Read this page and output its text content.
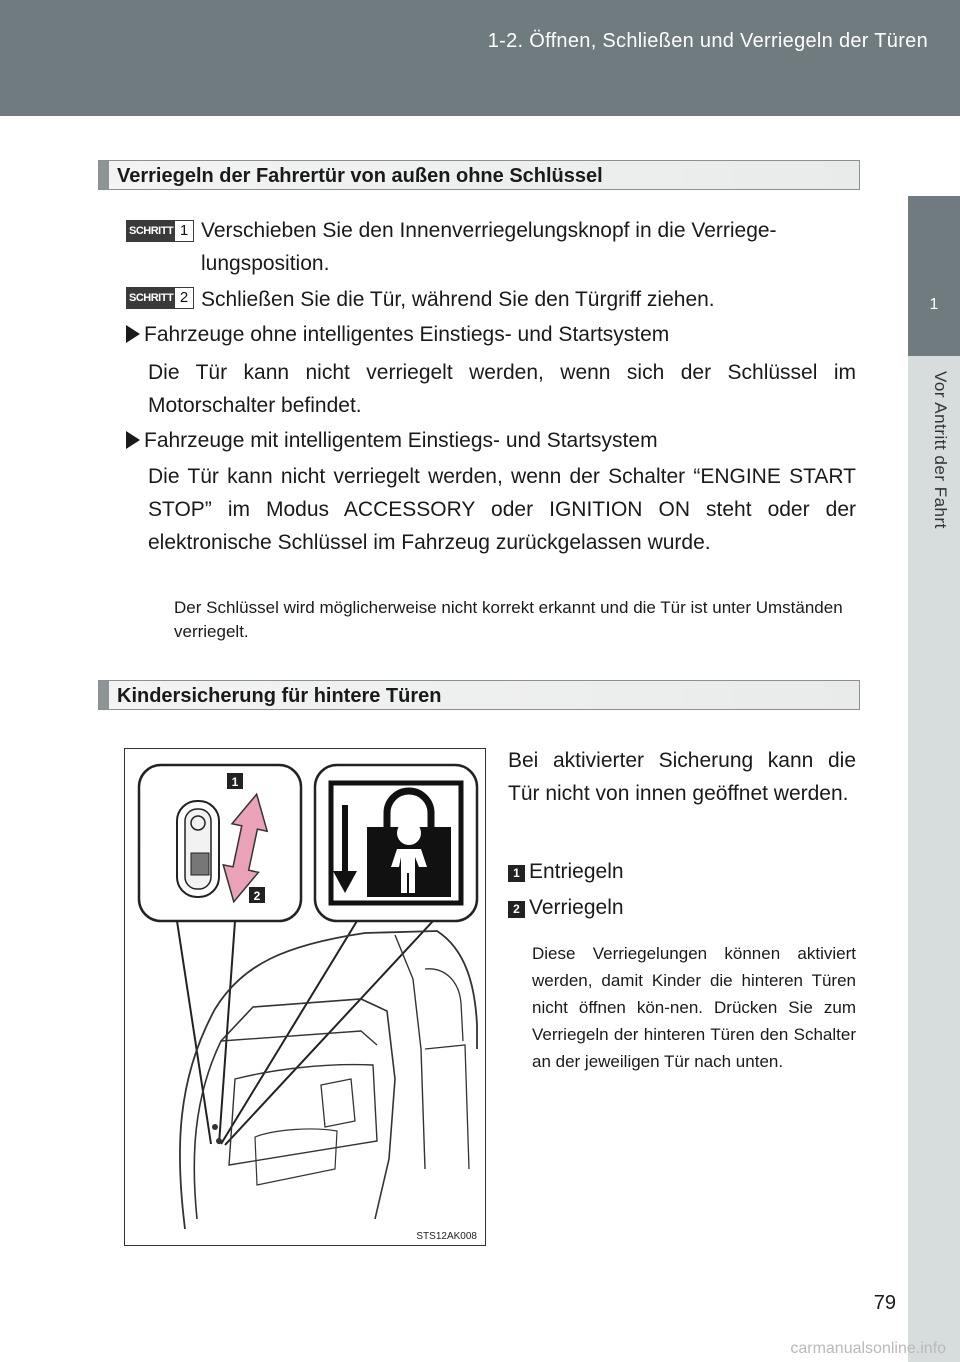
1-2. Öffnen, Schließen und Verriegeln der Türen
1
Vor Antritt der Fahrt
Verriegeln der Fahrertür von außen ohne Schlüssel
SCHRITT 1 Verschieben Sie den Innenverriegelungsknopf in die Verriege-
lungsposition.
SCHRITT 2 Schließen Sie die Tür, während Sie den Türgriff ziehen.
Fahrzeuge ohne intelligentes Einstiegs- und Startsystem
Die Tür kann nicht verriegelt werden, wenn sich der Schlüssel im Motorschalter befindet.
Fahrzeuge mit intelligentem Einstiegs- und Startsystem
Die Tür kann nicht verriegelt werden, wenn der Schalter “ENGINE START STOP” im Modus ACCESSORY oder IGNITION ON steht oder der elektronische Schlüssel im Fahrzeug zurückgelassen wurde.
Der Schlüssel wird möglicherweise nicht korrekt erkannt und die Tür ist unter Umständen verriegelt.
Kindersicherung für hintere Türen
1
2
STS12AK008
Bei aktivierter Sicherung kann die Tür nicht von innen geöffnet werden.
1 Entriegeln
2 Verriegeln
Diese Verriegelungen können aktiviert werden, damit Kinder die hinteren Türen nicht öffnen kön-nen. Drücken Sie zum Verriegeln der hinteren Türen den Schalter an der jeweiligen Tür nach unten.
79
carmanualsonline.info
